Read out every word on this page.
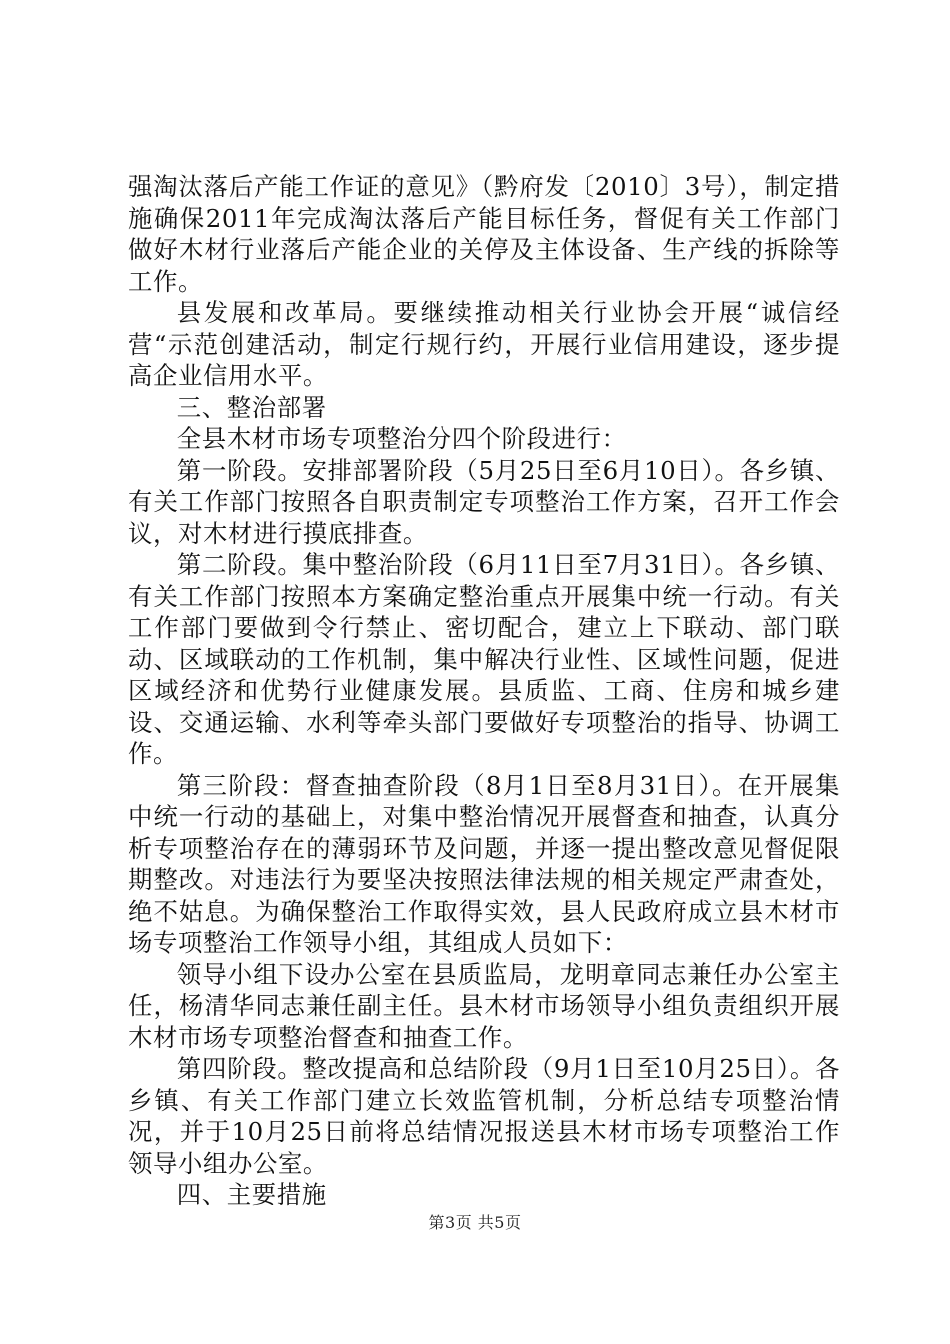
强淘汰落后产能工作证的意见》（黔府发〔2010〕3号），制定措施确保2011年完成淘汰落后产能目标任务，督促有关工作部门做好木材行业落后产能企业的关停及主体设备、生产线的拆除等工作。

县发展和改革局。要继续推动相关行业协会开展“诚信经营“示范创建活动，制定行规行约，开展行业信用建设，逐步提高企业信用水平。

三、整治部署

全县木材市场专项整治分四个阶段进行：

第一阶段。安排部署阶段（5月25日至6月10日）。各乡镇、有关工作部门按照各自职责制定专项整治工作方案，召开工作会议，对木材进行摸底排查。

第二阶段。集中整治阶段（6月11日至7月31日）。各乡镇、有关工作部门按照本方案确定整治重点开展集中统一行动。有关工作部门要做到令行禁止、密切配合，建立上下联动、部门联动、区域联动的工作机制，集中解决行业性、区域性问题，促进区域经济和优势行业健康发展。县质监、工商、住房和城乡建设、交通运输、水利等牵头部门要做好专项整治的指导、协调工作。

第三阶段：督查抽查阶段（8月1日至8月31日）。在开展集中统一行动的基础上，对集中整治情况开展督查和抽查，认真分析专项整治存在的薄弱环节及问题，并逐一提出整改意见督促限期整改。对违法行为要坚决按照法律法规的相关规定严肃查处，绝不姑息。为确保整治工作取得实效，县人民政府成立县木材市场专项整治工作领导小组，其组成人员如下：

领导小组下设办公室在县质监局，龙明章同志兼任办公室主任，杨清华同志兼任副主任。县木材市场领导小组负责组织开展木材市场专项整治督查和抽查工作。

第四阶段。整改提高和总结阶段（9月1日至10月25日）。各乡镇、有关工作部门建立长效监管机制，分析总结专项整治情况，并于10月25日前将总结情况报送县木材市场专项整治工作领导小组办公室。

四、主要措施

第3页 共5页
